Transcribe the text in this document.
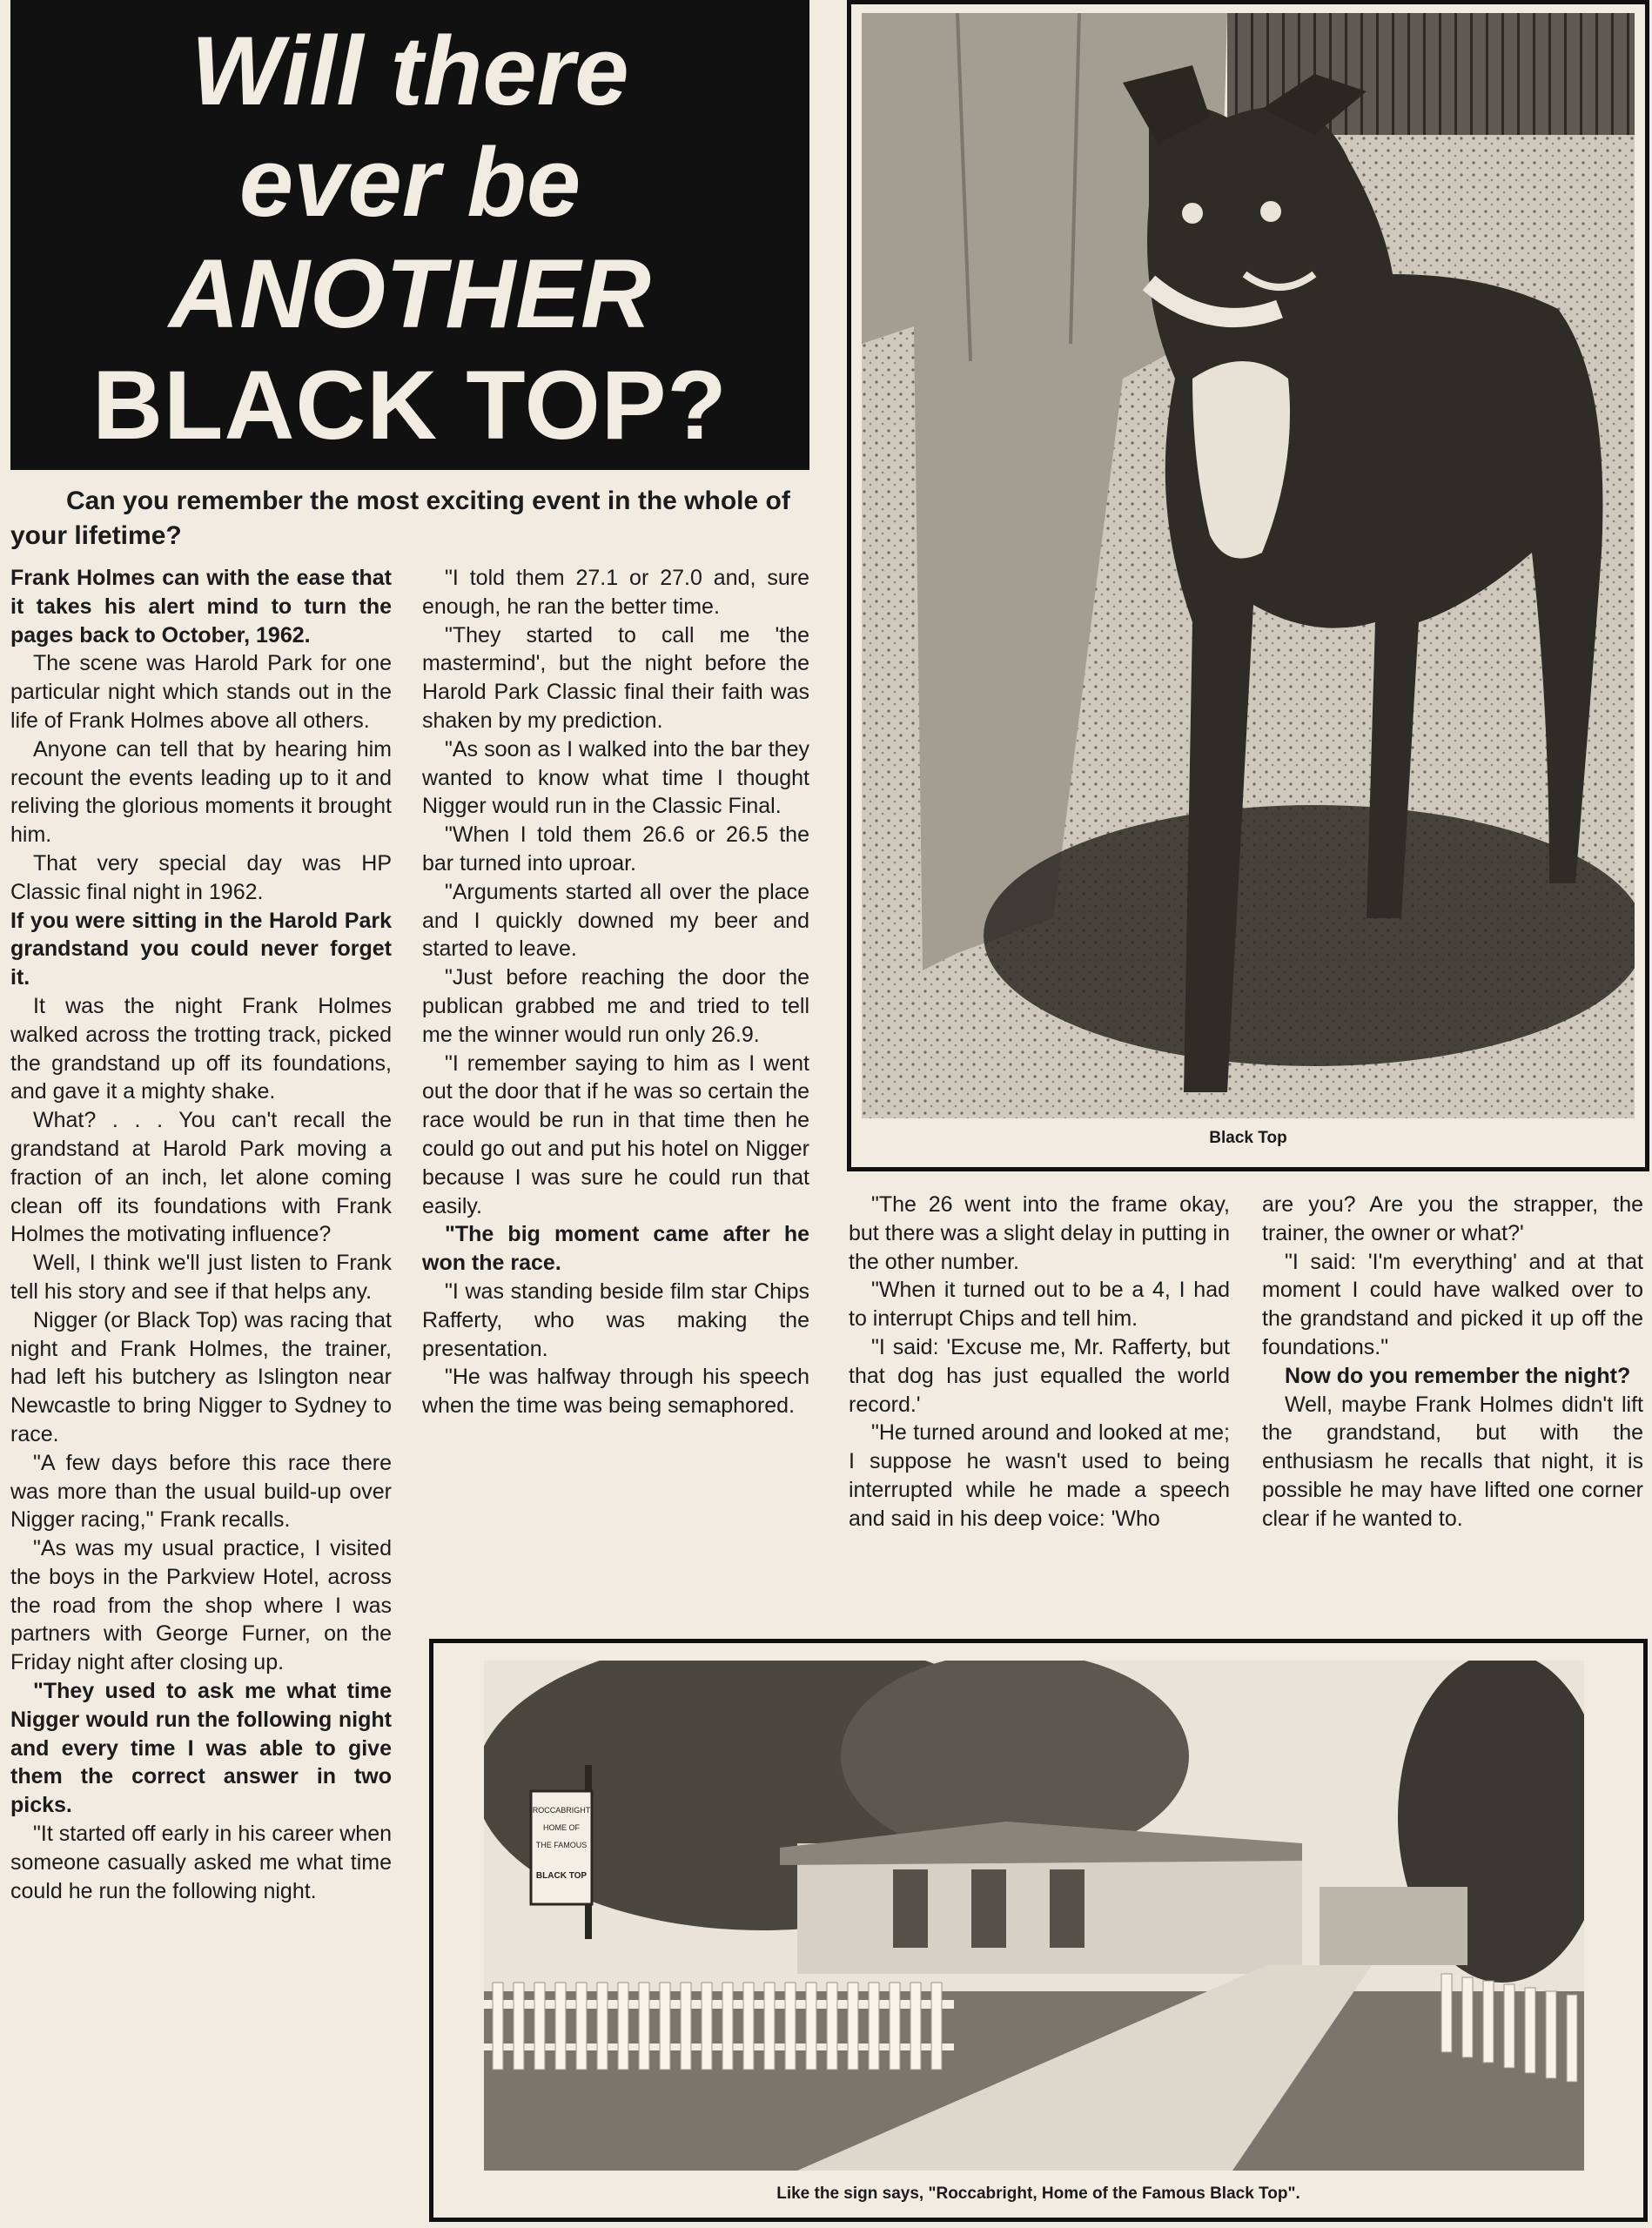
Will there
ever be
ANOTHER
BLACK TOP?
Can you remember the most exciting event in the whole of your lifetime?
Black Top
ROCCABRIGHT
HOME OF
THE FAMOUS
BLACK TOP
Like the sign says, "Roccabright, Home of the Famous Black Top".

Frank Holmes can with the ease that it takes his alert mind to turn the pages back to October, 1962.

The scene was Harold Park for one particular night which stands out in the life of Frank Holmes above all others.

Anyone can tell that by hearing him recount the events leading up to it and reliving the glorious moments it brought him.

That very special day was HP Classic final night in 1962.

If you were sitting in the Harold Park grandstand you could never forget it.

It was the night Frank Holmes walked across the trotting track, picked the grandstand up off its foundations, and gave it a mighty shake.

What? . . . You can't recall the grandstand at Harold Park moving a fraction of an inch, let alone coming clean off its foundations with Frank Holmes the motivating influence?

Well, I think we'll just listen to Frank tell his story and see if that helps any.

Nigger (or Black Top) was racing that night and Frank Holmes, the trainer, had left his butchery as Islington near Newcastle to bring Nigger to Sydney to race.

"A few days before this race there was more than the usual build-up over Nigger racing," Frank recalls.

"As was my usual practice, I visited the boys in the Parkview Hotel, across the road from the shop where I was partners with George Furner, on the Friday night after closing up.

"They used to ask me what time Nigger would run the following night and every time I was able to give them the correct answer in two picks.

"It started off early in his career when someone casually asked me what time could he run the following night.

"I told them 27.1 or 27.0 and, sure enough, he ran the better time.

"They started to call me 'the mastermind', but the night before the Harold Park Classic final their faith was shaken by my prediction.

"As soon as I walked into the bar they wanted to know what time I thought Nigger would run in the Classic Final.

"When I told them 26.6 or 26.5 the bar turned into uproar.

"Arguments started all over the place and I quickly downed my beer and started to leave.

"Just before reaching the door the publican grabbed me and tried to tell me the winner would run only 26.9.

"I remember saying to him as I went out the door that if he was so certain the race would be run in that time then he could go out and put his hotel on Nigger because I was sure he could run that easily.

"The big moment came after he won the race.

"I was standing beside film star Chips Rafferty, who was making the presentation.

"He was halfway through his speech when the time was being semaphored.

"The 26 went into the frame okay, but there was a slight delay in putting in the other number.

"When it turned out to be a 4, I had to interrupt Chips and tell him.

"I said: 'Excuse me, Mr. Rafferty, but that dog has just equalled the world record.'

"He turned around and looked at me; I suppose he wasn't used to being interrupted while he made a speech and said in his deep voice: 'Who

are you? Are you the strapper, the trainer, the owner or what?'

"I said: 'I'm everything' and at that moment I could have walked over to the grandstand and picked it up off the foundations."

Now do you remember the night?

Well, maybe Frank Holmes didn't lift the grandstand, but with the enthusiasm he recalls that night, it is possible he may have lifted one corner clear if he wanted to.
